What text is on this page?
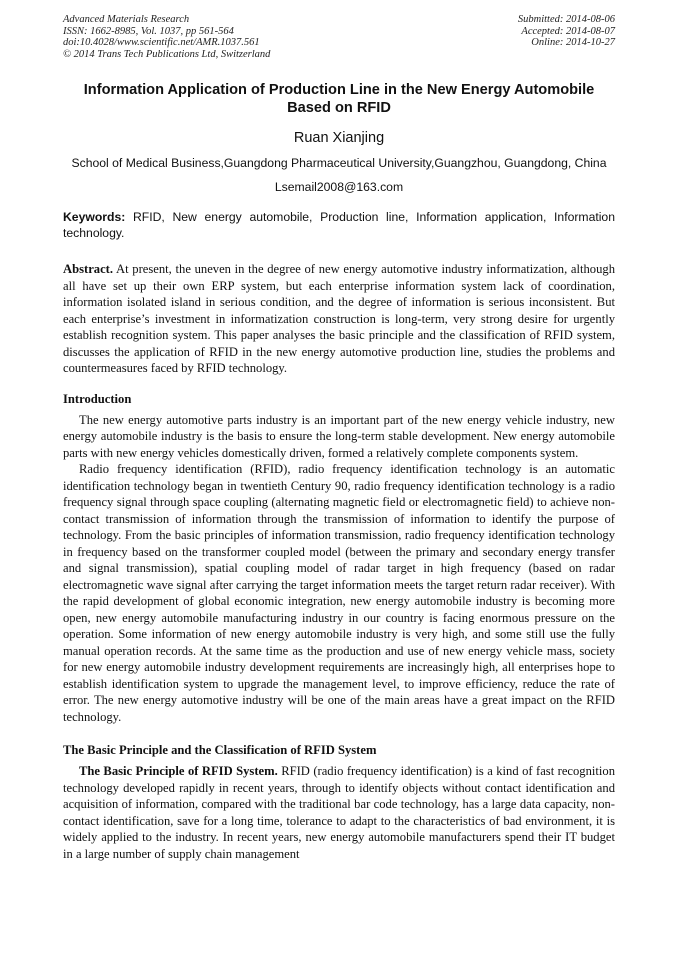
Advanced Materials Research
ISSN: 1662-8985, Vol. 1037, pp 561-564
doi:10.4028/www.scientific.net/AMR.1037.561
© 2014 Trans Tech Publications Ltd, Switzerland
Submitted: 2014-08-06
Accepted: 2014-08-07
Online: 2014-10-27
Information Application of Production Line in the New Energy Automobile Based on RFID
Ruan Xianjing
School of Medical Business,Guangdong Pharmaceutical University,Guangzhou, Guangdong, China
Lsemail2008@163.com
Keywords: RFID, New energy automobile, Production line, Information application, Information technology.
Abstract. At present, the uneven in the degree of new energy automotive industry informatization, although all have set up their own ERP system, but each enterprise information system lack of coordination, information isolated island in serious condition, and the degree of information is serious inconsistent. But each enterprise’s investment in informatization construction is long-term, very strong desire for urgently establish recognition system. This paper analyses the basic principle and the classification of RFID system, discusses the application of RFID in the new energy automotive production line, studies the problems and countermeasures faced by RFID technology.
Introduction
The new energy automotive parts industry is an important part of the new energy vehicle industry, new energy automobile industry is the basis to ensure the long-term stable development. New energy automobile parts with new energy vehicles domestically driven, formed a relatively complete components system.
Radio frequency identification (RFID), radio frequency identification technology is an automatic identification technology began in twentieth Century 90, radio frequency identification technology is a radio frequency signal through space coupling (alternating magnetic field or electromagnetic field) to achieve non-contact transmission of information through the transmission of information to identify the purpose of technology. From the basic principles of information transmission, radio frequency identification technology in frequency based on the transformer coupled model (between the primary and secondary energy transfer and signal transmission), spatial coupling model of radar target in high frequency (based on radar electromagnetic wave signal after carrying the target information meets the target return radar receiver). With the rapid development of global economic integration, new energy automobile industry is becoming more open, new energy automobile manufacturing industry in our country is facing enormous pressure on the operation. Some information of new energy automobile industry is very high, and some still use the fully manual operation records. At the same time as the production and use of new energy vehicle mass, society for new energy automobile industry development requirements are increasingly high, all enterprises hope to establish identification system to upgrade the management level, to improve efficiency, reduce the rate of error. The new energy automotive industry will be one of the main areas have a great impact on the RFID technology.
The Basic Principle and the Classification of RFID System
The Basic Principle of RFID System. RFID (radio frequency identification) is a kind of fast recognition technology developed rapidly in recent years, through to identify objects without contact identification and acquisition of information, compared with the traditional bar code technology, has a large data capacity, non-contact identification, save for a long time, tolerance to adapt to the characteristics of bad environment, it is widely applied to the industry. In recent years, new energy automobile manufacturers spend their IT budget in a large number of supply chain management
